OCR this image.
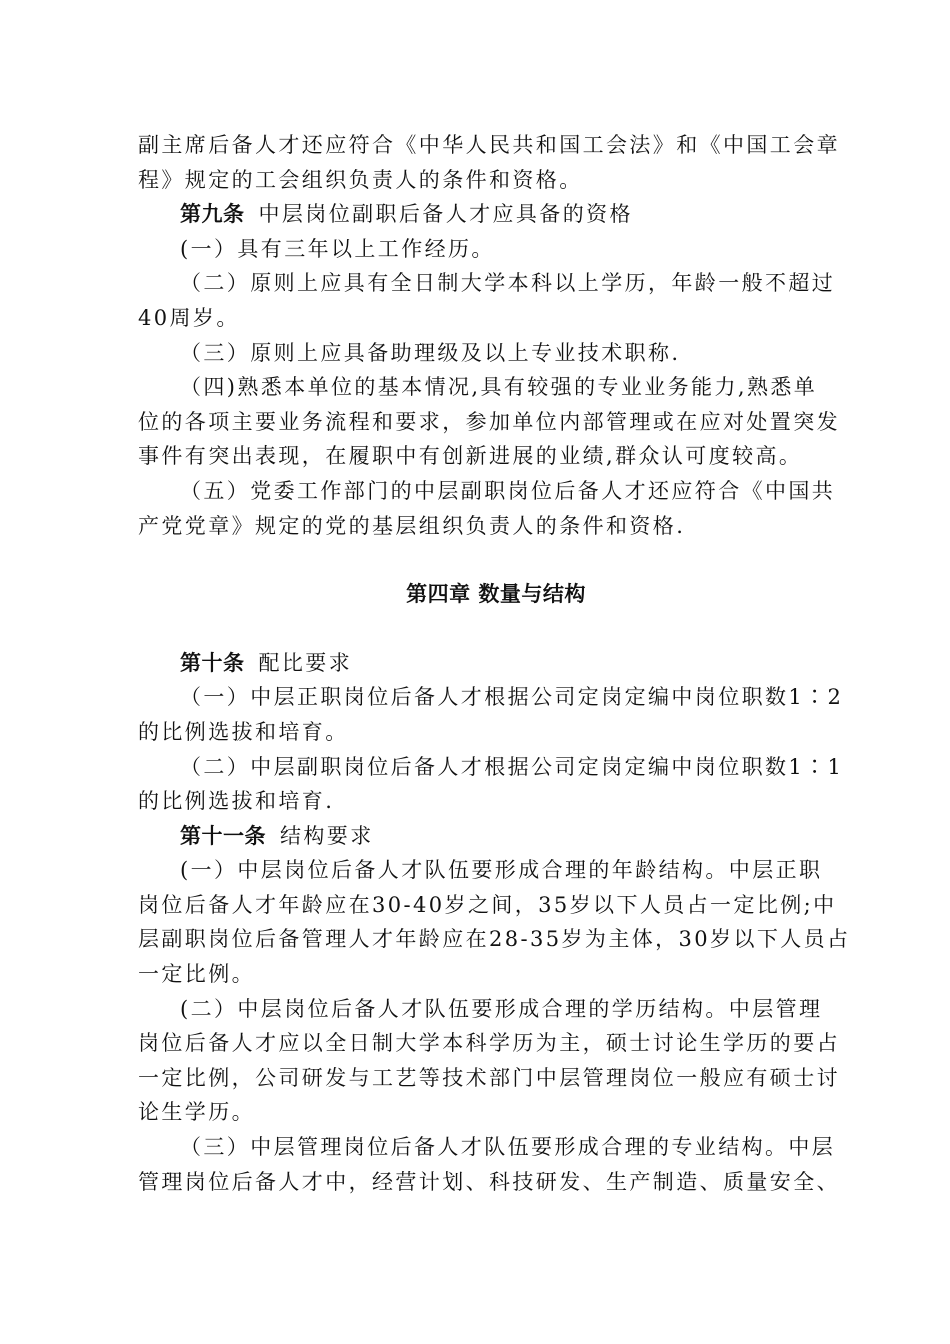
副主席后备人才还应符合《中华人民共和国工会法》和《中国工会章
程》规定的工会组织负责人的条件和资格。
第九条 中层岗位副职后备人才应具备的资格
(一）具有三年以上工作经历。
（二）原则上应具有全日制大学本科以上学历，年龄一般不超过
40周岁。
（三）原则上应具备助理级及以上专业技术职称.
（四)熟悉本单位的基本情况,具有较强的专业业务能力,熟悉单
位的各项主要业务流程和要求，参加单位内部管理或在应对处置突发
事件有突出表现，在履职中有创新进展的业绩,群众认可度较高。
（五）党委工作部门的中层副职岗位后备人才还应符合《中国共
产党党章》规定的党的基层组织负责人的条件和资格.
第四章 数量与结构
第十条 配比要求
（一）中层正职岗位后备人才根据公司定岗定编中岗位职数1∶2
的比例选拔和培育。
（二）中层副职岗位后备人才根据公司定岗定编中岗位职数1∶1
的比例选拔和培育.
第十一条 结构要求
(一）中层岗位后备人才队伍要形成合理的年龄结构。中层正职
岗位后备人才年龄应在30-40岁之间，35岁以下人员占一定比例;中
层副职岗位后备管理人才年龄应在28-35岁为主体，30岁以下人员占
一定比例。
(二）中层岗位后备人才队伍要形成合理的学历结构。中层管理
岗位后备人才应以全日制大学本科学历为主，硕士讨论生学历的要占
一定比例，公司研发与工艺等技术部门中层管理岗位一般应有硕士讨
论生学历。
（三）中层管理岗位后备人才队伍要形成合理的专业结构。中层
管理岗位后备人才中，经营计划、科技研发、生产制造、质量安全、
